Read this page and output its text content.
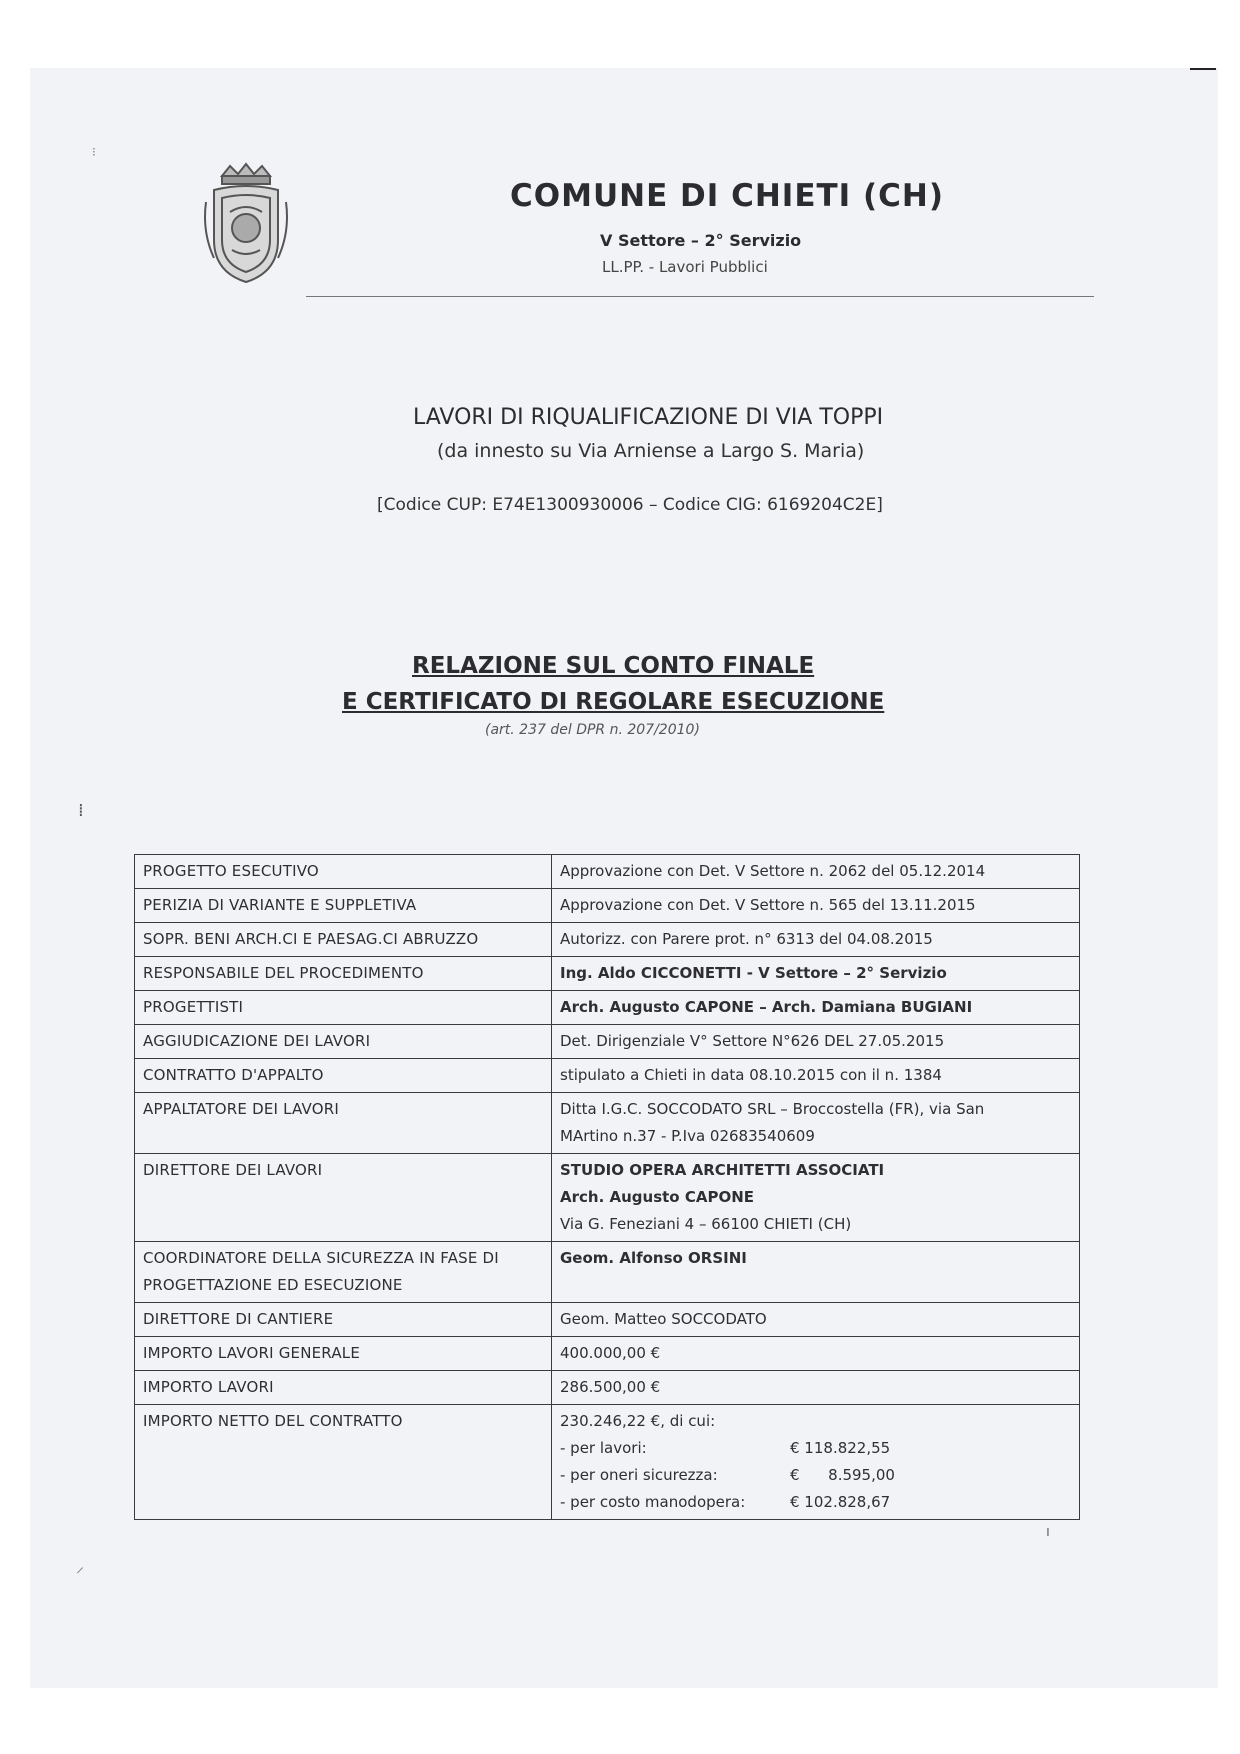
⁝
COMUNE DI CHIETI (CH)
V Settore – 2° Servizio
LL.PP. - Lavori Pubblici
LAVORI DI RIQUALIFICAZIONE DI VIA TOPPI
(da innesto su Via Arniense a Largo S. Maria)
[Codice CUP: E74E1300930006 – Codice CIG: 6169204C2E]
RELAZIONE SUL CONTO FINALE
E CERTIFICATO DI REGOLARE ESECUZIONE
(art. 237 del DPR n. 207/2010)
⁞
PROGETTO ESECUTIVO	Approvazione con Det. V Settore n. 2062 del 05.12.2014
PERIZIA DI VARIANTE E SUPPLETIVA	Approvazione con Det. V Settore n. 565 del 13.11.2015
SOPR. BENI ARCH.CI E PAESAG.CI ABRUZZO	Autorizz. con Parere prot. n° 6313 del 04.08.2015
RESPONSABILE DEL PROCEDIMENTO	Ing. Aldo CICCONETTI - V Settore – 2° Servizio
PROGETTISTI	Arch. Augusto CAPONE – Arch. Damiana BUGIANI
AGGIUDICAZIONE DEI LAVORI	Det. Dirigenziale V° Settore N°626 DEL 27.05.2015
CONTRATTO D'APPALTO	stipulato a Chieti in data 08.10.2015 con il n. 1384
APPALTATORE DEI LAVORI	Ditta I.G.C. SOCCODATO SRL – Broccostella (FR), via San
MArtino n.37 - P.Iva 02683540609

DIRETTORE DEI LAVORI	STUDIO OPERA ARCHITETTI ASSOCIATI
Arch. Augusto CAPONE
Via G. Feneziani 4 – 66100 CHIETI (CH)

COORDINATORE DELLA SICUREZZA IN FASE DI
PROGETTAZIONE ED ESECUZIONE	Geom. Alfonso ORSINI
DIRETTORE DI CANTIERE	Geom. Matteo SOCCODATO
IMPORTO LAVORI GENERALE	400.000,00 €
IMPORTO LAVORI	286.500,00 €
IMPORTO NETTO DEL CONTRATTO	230.246,22 €, di cui:
- per lavori: € 118.822,55
- per oneri sicurezza: €      8.595,00
- per costo manodopera: € 102.828,67
ı
⸝
